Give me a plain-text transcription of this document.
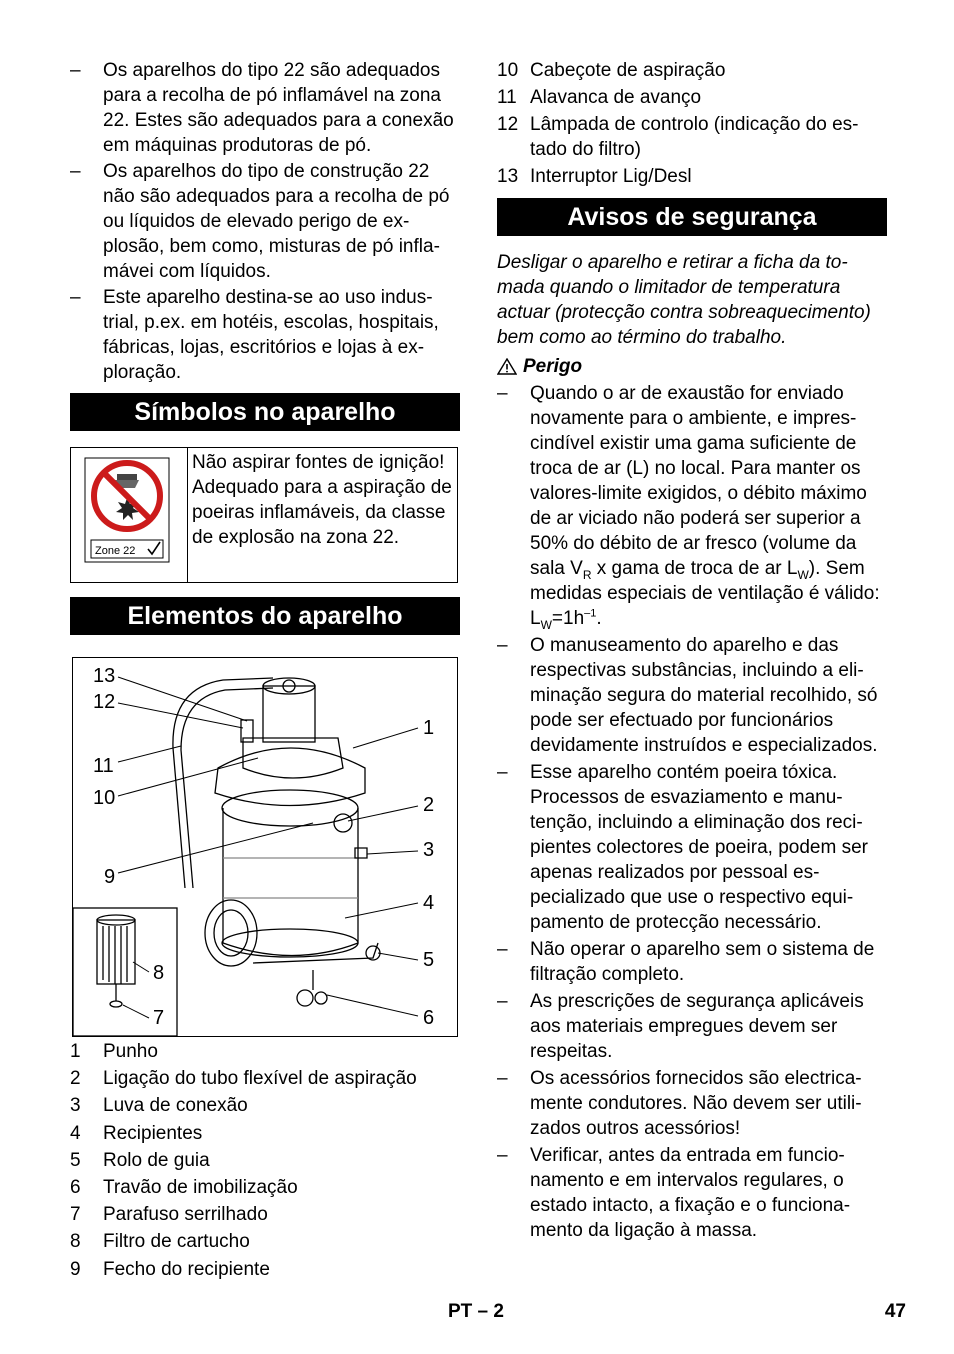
–	Os aparelhos do tipo 22 são adequados para a recolha de pó inflamável na zona 22. Estes são adequados para a conexão em máquinas produtoras de pó.
–	Os aparelhos do tipo de construção 22 não são adequados para a recolha de pó ou líquidos de elevado perigo de explosão, bem como, misturas de pó inflamávei com líquidos.
–	Este aparelho destina-se ao uso industrial, p.ex. em hotéis, escolas, hospitais, fábricas, lojas, escritórios e lojas à exploração.
Símbolos no aparelho
Zone 22
	Não aspirar fontes de ignição! Adequado para a aspiração de poeiras inflamáveis, da classe de explosão na zona 22.
Elementos do aparelho
13
12
11
10
9
1
2
3
4
5
6
8
7
1 Punho
2 Ligação do tubo flexível de aspiração
3 Luva de conexão
4 Recipientes
5 Rolo de guia
6 Travão de imobilização
7 Parafuso serrilhado
8 Filtro de cartucho
9 Fecho do recipiente
10 Cabeçote de aspiração
11 Alavanca de avanço
12 Lâmpada de controlo (indicação do estado do filtro)
13 Interruptor Lig/Desl
Avisos de segurança

Desligar o aparelho e retirar a ficha da tomada quando o limitador de temperatura actuar (protecção contra sobreaquecimento) bem como ao término do trabalho.

Perigo

–	Quando o ar de exaustão for enviado novamente para o ambiente, e imprescindível existir uma gama suficiente de troca de ar (L) no local. Para manter os valores-limite exigidos, o débito máximo de ar viciado não poderá ser superior a 50% do débito de ar fresco (volume da sala $V_R$ x gama de troca de ar $L_W$). Sem medidas especiais de ventilação é válido: $L_W=1h^{-1}$.
–	O manuseamento do aparelho e das respectivas substâncias, incluindo a eliminação segura do material recolhido, só pode ser efectuado por funcionários devidamente instruídos e especializados.
–	Esse aparelho contém poeira tóxica. Processos de esvaziamento e manutenção, incluindo a eliminação dos recipientes colectores de poeira, podem ser apenas realizados por pessoal especializado que use o respectivo equipamento de protecção necessário.
–	Não operar o aparelho sem o sistema de filtração completo.
–	As prescrições de segurança aplicáveis aos materiais empregues devem ser respeitas.
–	Os acessórios fornecidos são electricamente condutores. Não devem ser utilizados outros acessórios!
–	Verificar, antes da entrada em funcionamento e em intervalos regulares, o estado intacto, a fixação e o funcionamento da ligação à massa.
PT – 2	47
